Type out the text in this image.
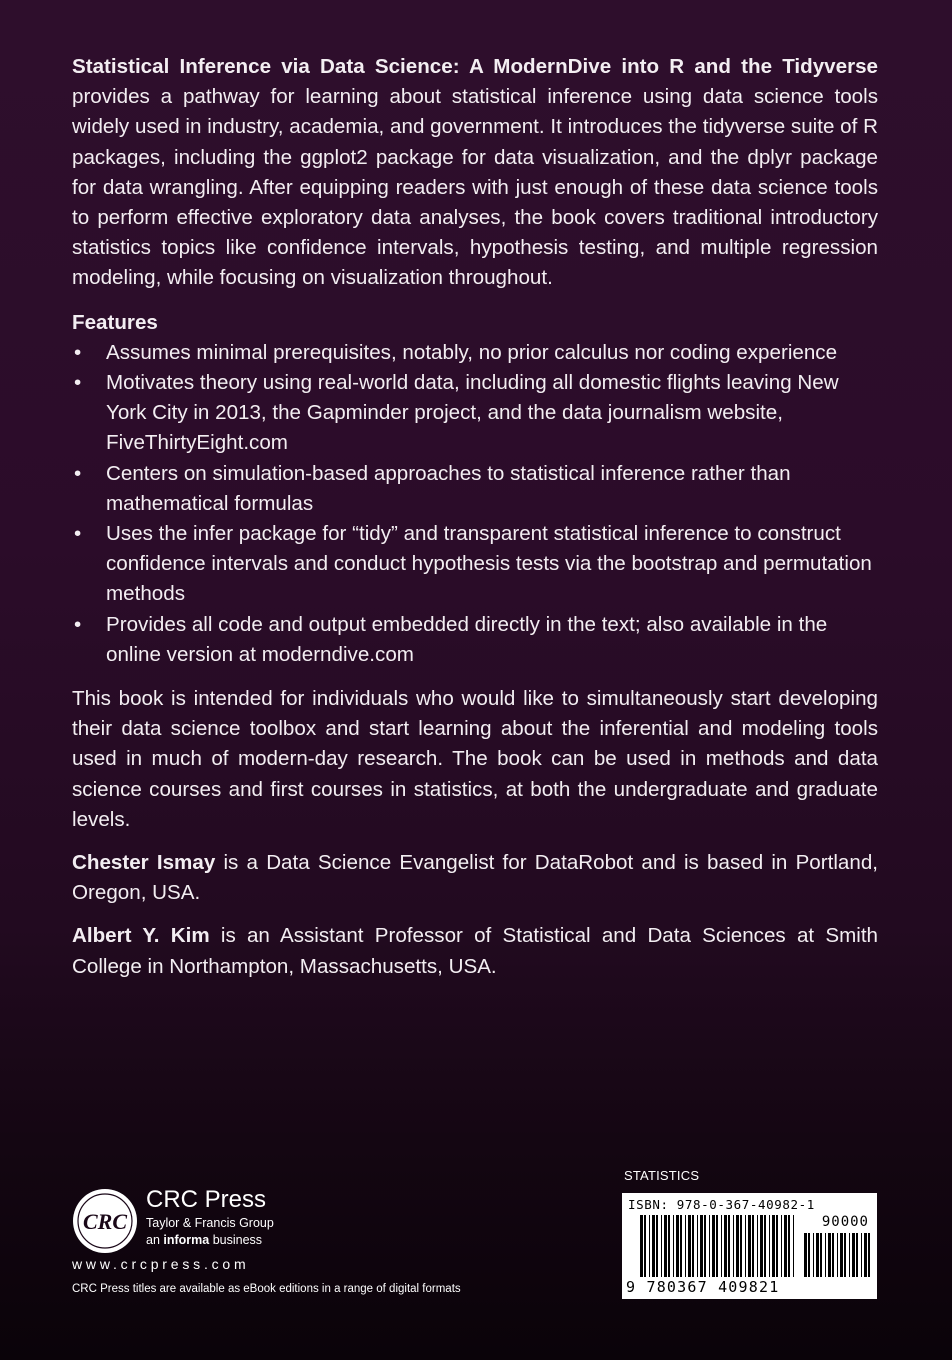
Statistical Inference via Data Science: A ModernDive into R and the Tidyverse provides a pathway for learning about statistical inference using data science tools widely used in industry, academia, and government. It introduces the tidyverse suite of R packages, including the ggplot2 package for data visualization, and the dplyr package for data wrangling. After equipping readers with just enough of these data science tools to perform effective exploratory data analyses, the book covers traditional introductory statistics topics like confidence intervals, hypothesis testing, and multiple regression modeling, while focusing on visualization throughout.

Features

• Assumes minimal prerequisites, notably, no prior calculus nor coding experience
• Motivates theory using real-world data, including all domestic flights leaving New York City in 2013, the Gapminder project, and the data journalism website, FiveThirtyEight.com
• Centers on simulation-based approaches to statistical inference rather than mathematical formulas
• Uses the infer package for “tidy” and transparent statistical inference to construct confidence intervals and conduct hypothesis tests via the bootstrap and permutation methods
• Provides all code and output embedded directly in the text; also available in the online version at moderndive.com

This book is intended for individuals who would like to simultaneously start developing their data science toolbox and start learning about the inferential and modeling tools used in much of modern-day research. The book can be used in methods and data science courses and first courses in statistics, at both the undergraduate and graduate levels.

Chester Ismay is a Data Science Evangelist for DataRobot and is based in Portland, Oregon, USA.

Albert Y. Kim is an Assistant Professor of Statistical and Data Sciences at Smith College in Northampton, Massachusetts, USA.

CRC
CRC Press
Taylor & Francis Group
an informa business
www.crcpress.com
CRC Press titles are available as eBook editions in a range of digital formats
STATISTICS
ISBN: 978-0-367-40982-1
90000
9 780367 409821
